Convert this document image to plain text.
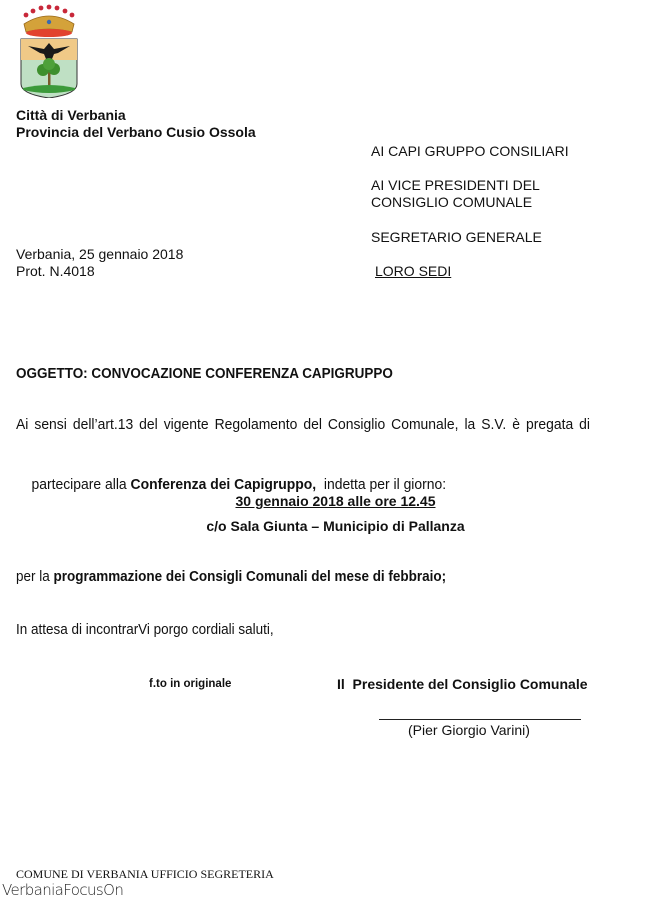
Città di Verbania
Provincia del Verbano Cusio Ossola
AI CAPI GRUPPO CONSILIARI
AI VICE PRESIDENTI DEL
CONSIGLIO COMUNALE
SEGRETARIO GENERALE
LORO SEDI
Verbania, 25 gennaio 2018
Prot. N.4018
OGGETTO: CONVOCAZIONE CONFERENZA CAPIGRUPPO
Ai sensi dell’art.13 del vigente Regolamento del Consiglio Comunale, la S.V. è pregata di

partecipare alla Conferenza dei Capigruppo,  indetta per il giorno:

30 gennaio 2018 alle ore 12.45
c/o Sala Giunta – Municipio di Pallanza
per la programmazione dei Consigli Comunali del mese di febbraio;
In attesa di incontrarVi porgo cordiali saluti,
f.to in originale	Il  Presidente del Consiglio Comunale
(Pier Giorgio Varini)
COMUNE DI VERBANIA UFFICIO SEGRETERIA
VerbaniaFocusOn
